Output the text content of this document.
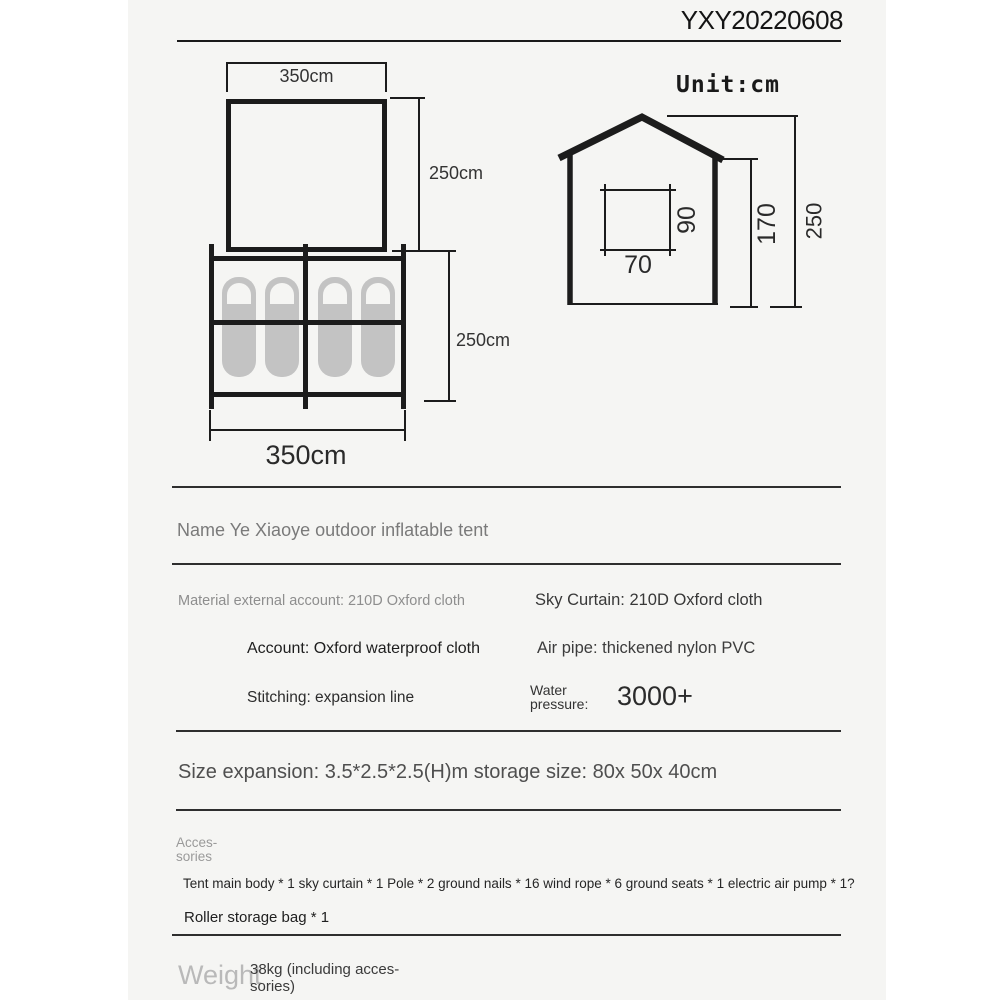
YXY20220608
Unit:cm
350cm
250cm
250cm
350cm
70
90 170 250
Name Ye Xiaoye outdoor inflatable tent
Material external account: 210D Oxford cloth	Sky Curtain: 210D Oxford cloth
Account: Oxford waterproof cloth	Air pipe: thickened nylon PVC
Stitching: expansion line	Water
pressure: 3000+
Size expansion: 3.5*2.5*2.5(H)m storage size: 80x 50x 40cm
Acces-
sories
Tent main body * 1 sky curtain * 1 Pole * 2 ground nails * 16 wind rope * 6 ground seats * 1 electric air pump * 1?
Roller storage bag * 1
Weight
38kg (including acces-
sories)
